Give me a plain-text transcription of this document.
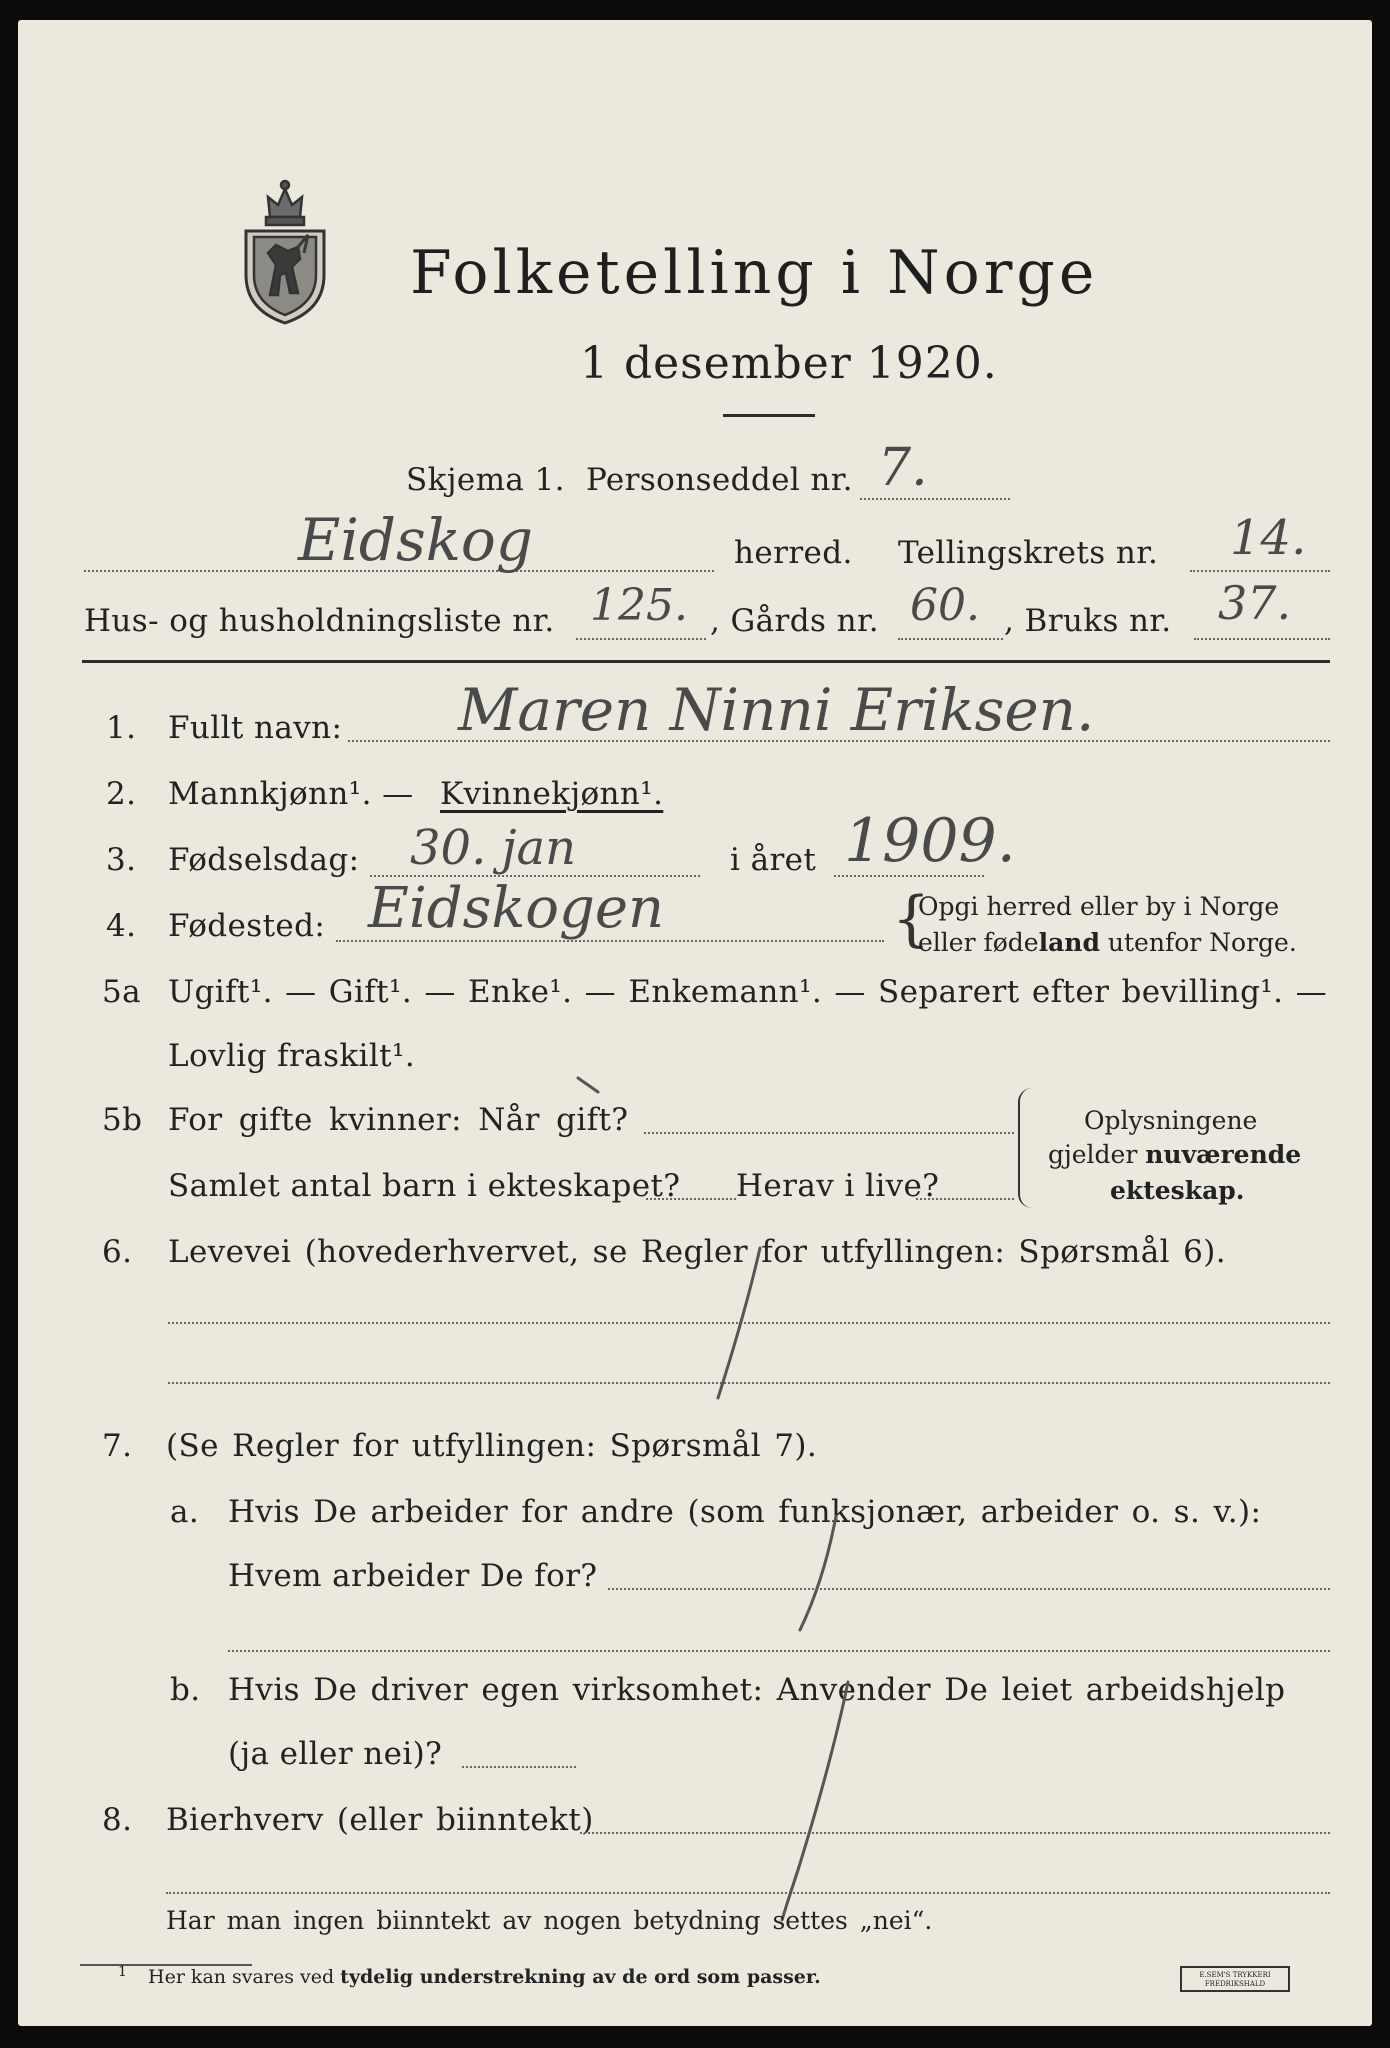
Folketelling i Norge
1 desember 1920.
Skjema 1. Personseddel nr. 7.
Eidskog	herred. Tellingskrets nr. 14.
Hus- og husholdningsliste nr. 125. , Gårds nr. 60. , Bruks nr. 37.
1. Fullt navn: Maren Ninni Eriksen.
2. Mannkjønn¹. — Kvinnekjønn¹.
3. Fødselsdag: 30. jan	i året 1909.
4. Fødested: Eidskogen	{
Opgi herred eller by i Norge
eller fødeland utenfor Norge.
5a Ugift¹. — Gift¹. — Enke¹. — Enkemann¹. — Separert efter bevilling¹. —
Lovlig fraskilt¹.
5b For gifte kvinner: Når gift?
Samlet antal barn i ekteskapet? Herav i live?
Oplysningene
gjelder nuværende
ekteskap.
6. Levevei (hovederhvervet, se Regler for utfyllingen: Spørsmål 6).
7. (Se Regler for utfyllingen: Spørsmål 7).
a. Hvis De arbeider for andre (som funksjonær, arbeider o. s. v.):
Hvem arbeider De for?
b. Hvis De driver egen virksomhet: Anvender De leiet arbeidshjelp
(ja eller nei)?
8. Bierhverv (eller biinntekt)
Har man ingen biinntekt av nogen betydning settes „nei“.
1 Her kan svares ved tydelig understrekning av de ord som passer.	E.SEM'S TRYKKERI
FREDRIKSHALD
